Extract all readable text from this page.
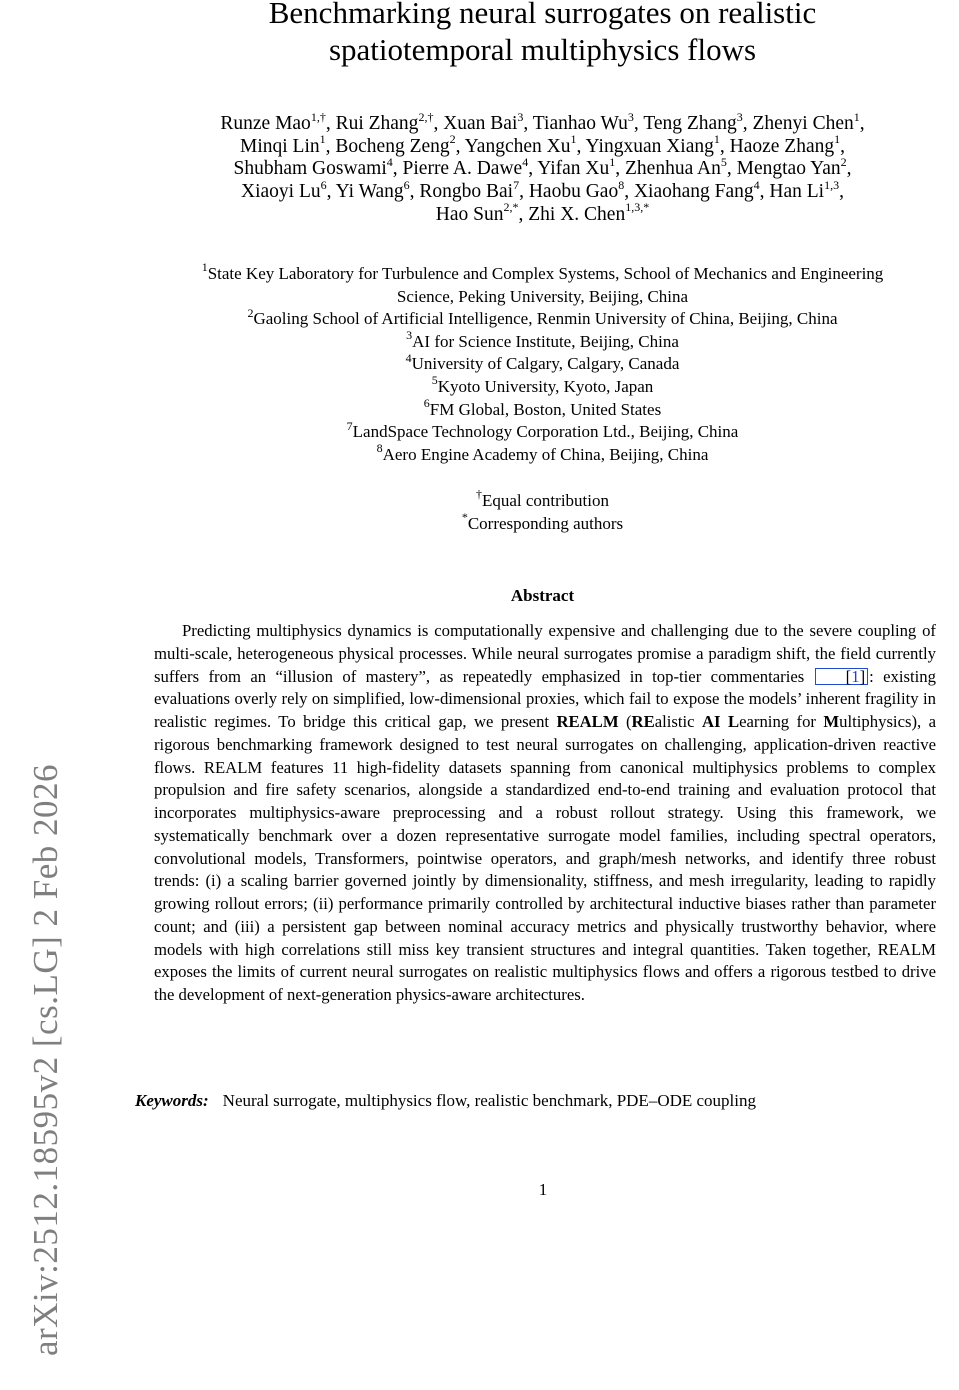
arXiv:2512.18595v2 [cs.LG] 2 Feb 2026
Benchmarking neural surrogates on realistic
spatiotemporal multiphysics flows
Runze Mao$^{1,\dagger}$, Rui Zhang$^{2,\dagger}$, Xuan Bai$^3$, Tianhao Wu$^3$, Teng Zhang$^3$, Zhenyi Chen$^1$,
Minqi Lin$^1$, Bocheng Zeng$^2$, Yangchen Xu$^1$, Yingxuan Xiang$^1$, Haoze Zhang$^1$,
Shubham Goswami$^4$, Pierre A. Dawe$^4$, Yifan Xu$^1$, Zhenhua An$^5$, Mengtao Yan$^2$,
Xiaoyi Lu$^6$, Yi Wang$^6$, Rongbo Bai$^7$, Haobu Gao$^8$, Xiaohang Fang$^4$, Han Li$^{1,3}$,
Hao Sun$^{2,*}$, Zhi X. Chen$^{1,3,*}$
$^1$State Key Laboratory for Turbulence and Complex Systems, School of Mechanics and Engineering
Science, Peking University, Beijing, China
$^2$Gaoling School of Artificial Intelligence, Renmin University of China, Beijing, China
$^3$AI for Science Institute, Beijing, China
$^4$University of Calgary, Calgary, Canada
$^5$Kyoto University, Kyoto, Japan
$^6$FM Global, Boston, United States
$^7$LandSpace Technology Corporation Ltd., Beijing, China
$^8$Aero Engine Academy of China, Beijing, China
†Equal contribution
*Corresponding authors
Abstract
Predicting multiphysics dynamics is computationally expensive and challenging due to the severe coupling of multi-scale, heterogeneous physical processes. While neural surrogates promise a paradigm shift, the field currently suffers from an “illusion of mastery”, as repeatedly emphasized in top-tier commentaries [1] : existing evaluations overly rely on simplified, low-dimensional proxies, which fail to expose the models’ inherent fragility in realistic regimes. To bridge this critical gap, we present REALM (REalistic AI Learning for Multiphysics), a rigorous benchmarking framework designed to test neural surrogates on challenging, application-driven reactive flows. REALM features 11 high-fidelity datasets spanning from canonical multiphysics problems to complex propulsion and fire safety scenarios, alongside a standardized end-to-end training and evaluation protocol that incorporates multiphysics-aware preprocessing and a robust rollout strategy. Using this framework, we systematically benchmark over a dozen representative surrogate model families, including spectral operators, convolutional models, Transformers, pointwise operators, and graph/mesh networks, and identify three robust trends: (i) a scaling barrier governed jointly by dimensionality, stiffness, and mesh irregularity, leading to rapidly growing rollout errors; (ii) performance primarily controlled by architectural inductive biases rather than parameter count; and (iii) a persistent gap between nominal accuracy metrics and physically trustworthy behavior, where models with high correlations still miss key transient structures and integral quantities. Taken together, REALM exposes the limits of current neural surrogates on realistic multiphysics flows and offers a rigorous testbed to drive the development of next-generation physics-aware architectures.
Keywords: Neural surrogate, multiphysics flow, realistic benchmark, PDE–ODE coupling
1
